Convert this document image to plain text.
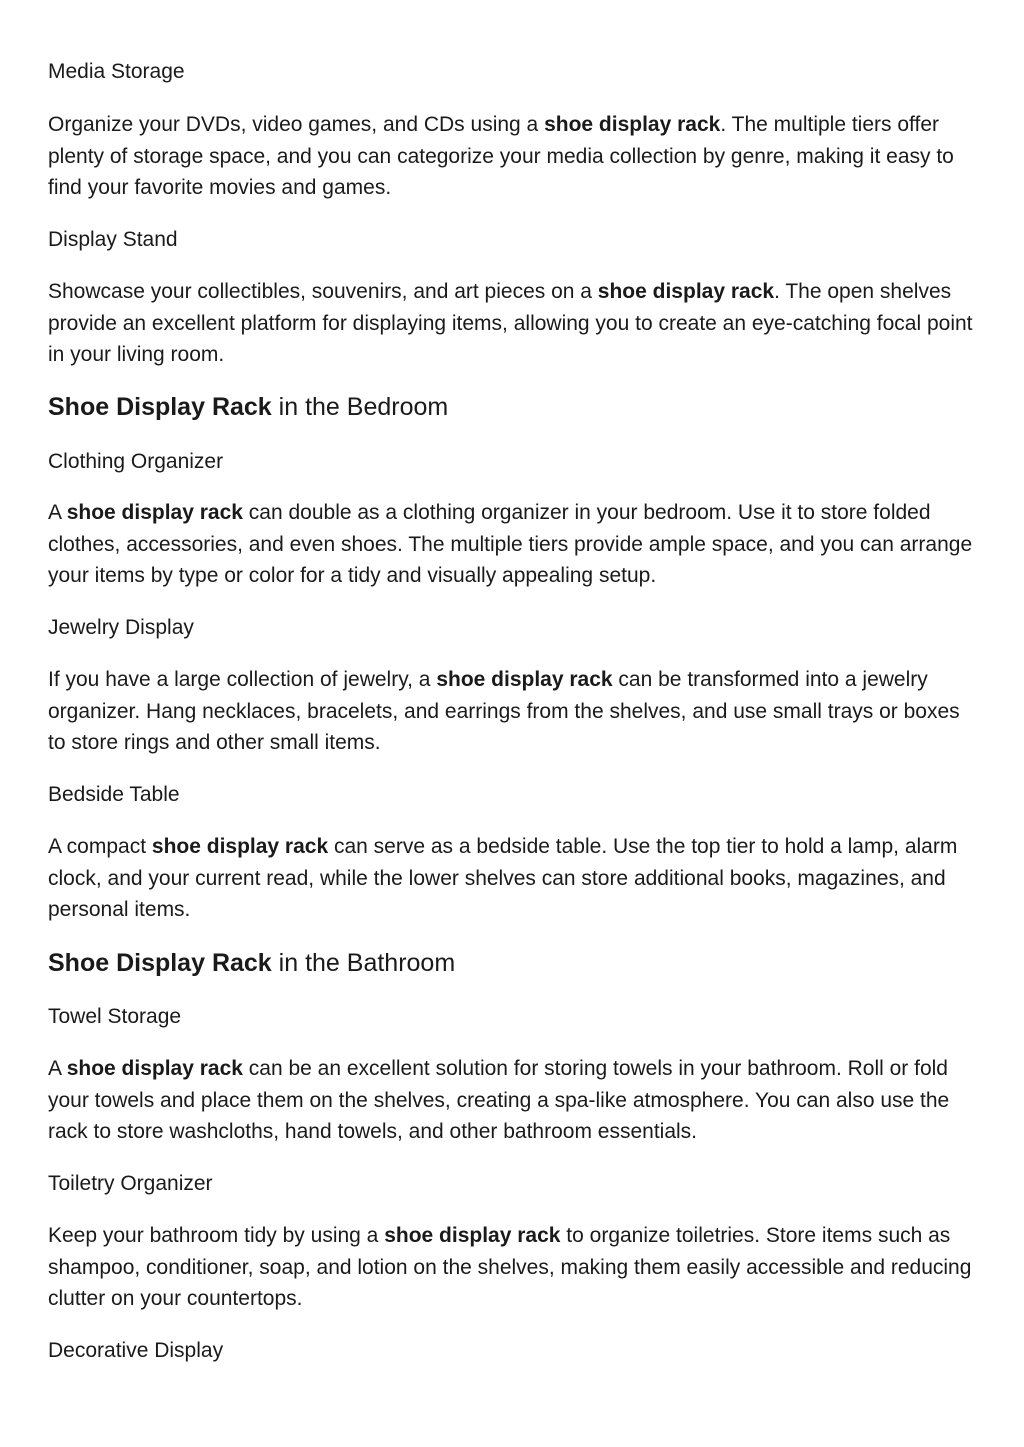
Media Storage

Organize your DVDs, video games, and CDs using a shoe display rack. The multiple tiers offer plenty of storage space, and you can categorize your media collection by genre, making it easy to find your favorite movies and games.

Display Stand

Showcase your collectibles, souvenirs, and art pieces on a shoe display rack. The open shelves provide an excellent platform for displaying items, allowing you to create an eye-catching focal point in your living room.

Shoe Display Rack in the Bedroom

Clothing Organizer

A shoe display rack can double as a clothing organizer in your bedroom. Use it to store folded clothes, accessories, and even shoes. The multiple tiers provide ample space, and you can arrange your items by type or color for a tidy and visually appealing setup.

Jewelry Display

If you have a large collection of jewelry, a shoe display rack can be transformed into a jewelry organizer. Hang necklaces, bracelets, and earrings from the shelves, and use small trays or boxes to store rings and other small items.

Bedside Table

A compact shoe display rack can serve as a bedside table. Use the top tier to hold a lamp, alarm clock, and your current read, while the lower shelves can store additional books, magazines, and personal items.

Shoe Display Rack in the Bathroom

Towel Storage

A shoe display rack can be an excellent solution for storing towels in your bathroom. Roll or fold your towels and place them on the shelves, creating a spa-like atmosphere. You can also use the rack to store washcloths, hand towels, and other bathroom essentials.

Toiletry Organizer

Keep your bathroom tidy by using a shoe display rack to organize toiletries. Store items such as shampoo, conditioner, soap, and lotion on the shelves, making them easily accessible and reducing clutter on your countertops.

Decorative Display
